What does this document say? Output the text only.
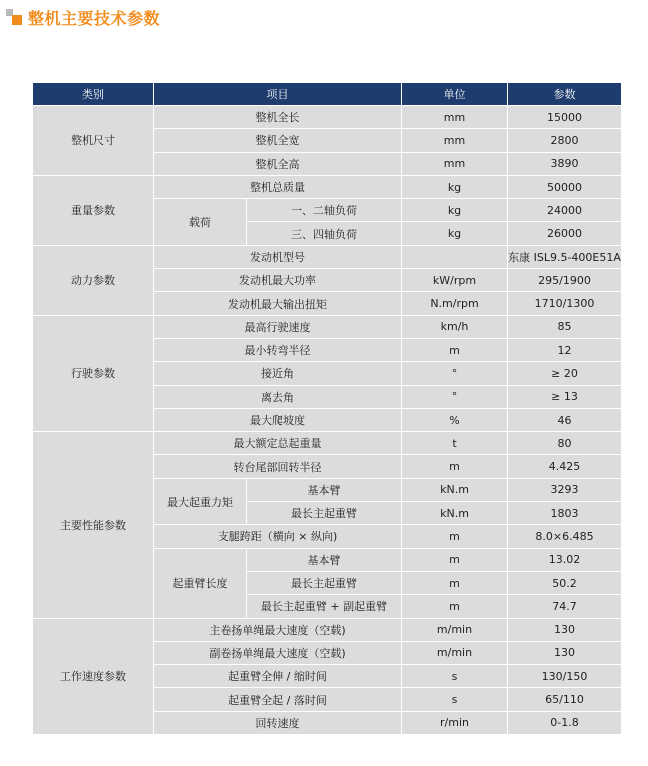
整机主要技术参数
类别	项目		单位	参数
整机尺寸	整机全长		mm	15000
	整机全宽		mm	2800
	整机全高		mm	3890
重量参数	整机总质量		kg	50000
	载荷	一、二轴负荷	kg	24000
		三、四轴负荷	kg	26000
动力参数	发动机型号			东康 ISL9.5-400E51A
	发动机最大功率		kW/rpm	295/1900
	发动机最大输出扭矩		N.m/rpm	1710/1300
行驶参数	最高行驶速度		km/h	85
	最小转弯半径		m	12
	接近角		°	≥ 20
	离去角		°	≥ 13
	最大爬坡度		%	46
主要性能参数	最大额定总起重量		t	80
	转台尾部回转半径		m	4.425
	最大起重力矩	基本臂	kN.m	3293
		最长主起重臂	kN.m	1803
	支腿跨距（横向 × 纵向)		m	8.0×6.485
	起重臂长度	基本臂	m	13.02
		最长主起重臂	m	50.2
		最长主起重臂 + 副起重臂	m	74.7
工作速度参数	主卷扬单绳最大速度（空载)		m/min	130
	副卷扬单绳最大速度（空载)		m/min	130
	起重臂全伸 / 缩时间		s	130/150
	起重臂全起 / 落时间		s	65/110
	回转速度		r/min	0-1.8
